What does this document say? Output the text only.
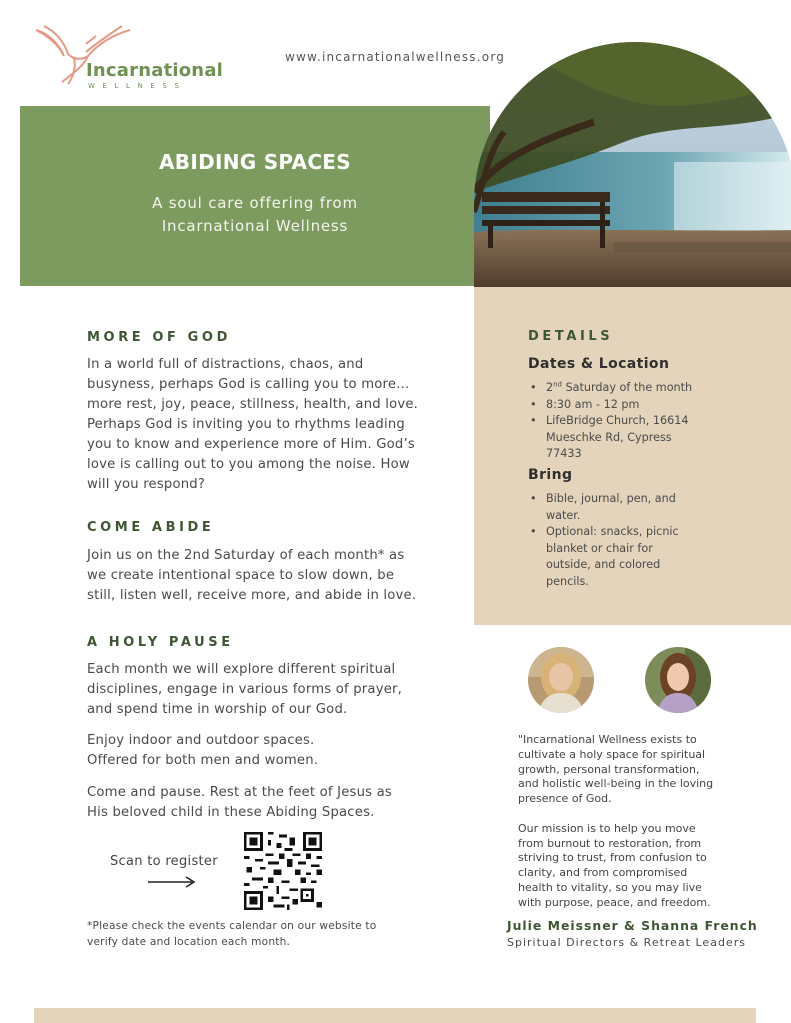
Incarnational
WELLNESS
www.incarnationalwellness.org
ABIDING SPACES
A soul care offering from
Incarnational Wellness
DETAILS
Dates & Location
• 2nd Saturday of the month
• 8:30 am - 12 pm
• LifeBridge Church, 16614
Mueschke Rd, Cypress
77433
Bring
• Bible, journal, pen, and
water.
• Optional: snacks, picnic
blanket or chair for
outside, and colored
pencils.
MORE OF GOD
In a world full of distractions, chaos, and
busyness, perhaps God is calling you to more…
more rest, joy, peace, stillness, health, and love.
Perhaps God is inviting you to rhythms leading
you to know and experience more of Him. God’s
love is calling out to you among the noise. How
will you respond?
COME ABIDE
Join us on the 2nd Saturday of each month* as
we create intentional space to slow down, be
still, listen well, receive more, and abide in love.
A HOLY PAUSE
Each month we will explore different spiritual
disciplines, engage in various forms of prayer,
and spend time in worship of our God.
Enjoy indoor and outdoor spaces.
Offered for both men and women.
Come and pause. Rest at the feet of Jesus as
His beloved child in these Abiding Spaces.
Scan to register
*Please check the events calendar on our website to
verify date and location each month.
"Incarnational Wellness exists to
cultivate a holy space for spiritual
growth, personal transformation,
and holistic well-being in the loving
presence of God.
Our mission is to help you move
from burnout to restoration, from
striving to trust, from confusion to
clarity, and from compromised
health to vitality, so you may live
with purpose, peace, and freedom.
Julie Meissner & Shanna French
Spiritual Directors & Retreat Leaders
